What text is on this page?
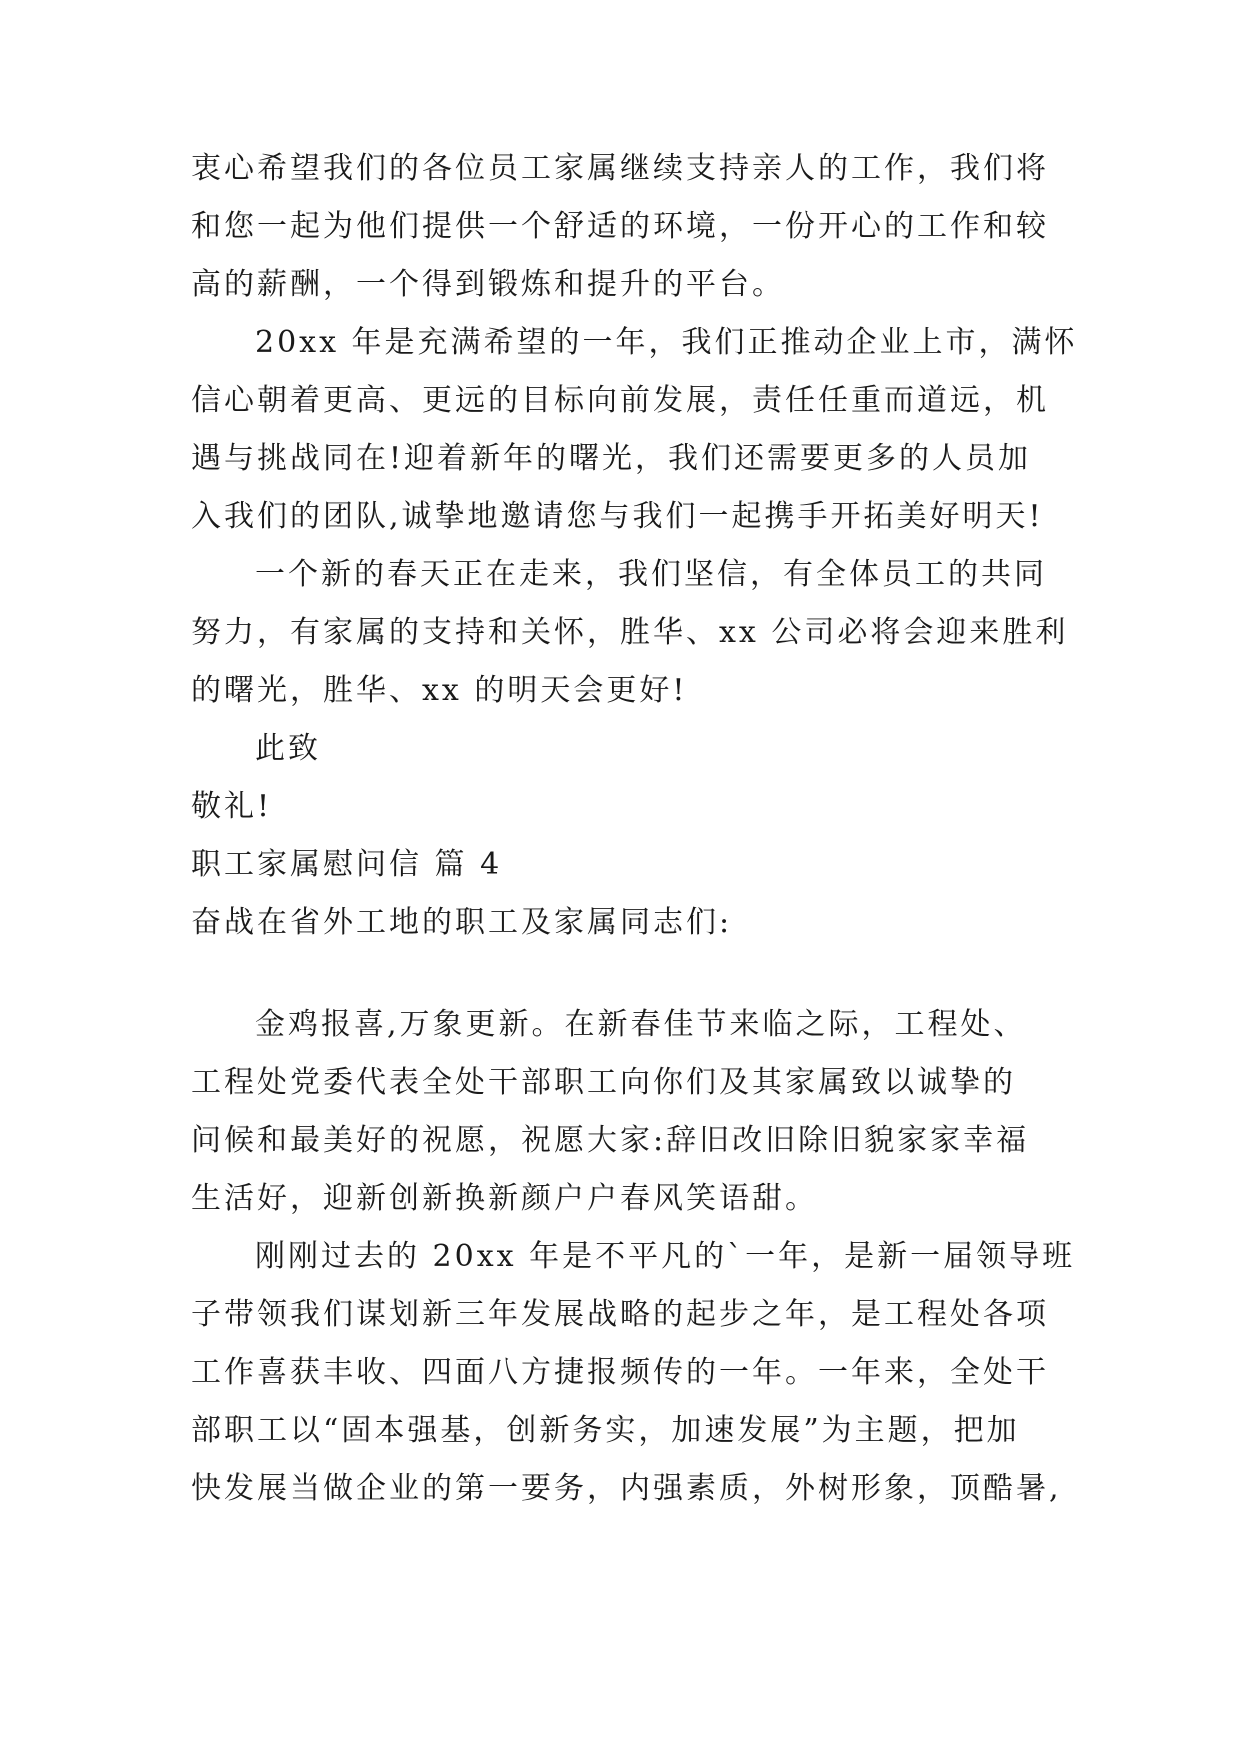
衷心希望我们的各位员工家属继续支持亲人的工作，我们将
和您一起为他们提供一个舒适的环境，一份开心的工作和较
高的薪酬，一个得到锻炼和提升的平台。
20xx 年是充满希望的一年，我们正推动企业上市，满怀
信心朝着更高、更远的目标向前发展，责任任重而道远，机
遇与挑战同在!迎着新年的曙光，我们还需要更多的人员加
入我们的团队,诚挚地邀请您与我们一起携手开拓美好明天!
一个新的春天正在走来，我们坚信，有全体员工的共同
努力，有家属的支持和关怀，胜华、xx 公司必将会迎来胜利
的曙光，胜华、xx 的明天会更好!
此致
敬礼!
职工家属慰问信 篇 4
奋战在省外工地的职工及家属同志们:
金鸡报喜,万象更新。在新春佳节来临之际，工程处、
工程处党委代表全处干部职工向你们及其家属致以诚挚的
问候和最美好的祝愿，祝愿大家:辞旧改旧除旧貌家家幸福
生活好，迎新创新换新颜户户春风笑语甜。
刚刚过去的 20xx 年是不平凡的`一年，是新一届领导班
子带领我们谋划新三年发展战略的起步之年，是工程处各项
工作喜获丰收、四面八方捷报频传的一年。一年来，全处干
部职工以“固本强基，创新务实，加速发展”为主题，把加
快发展当做企业的第一要务，内强素质，外树形象，顶酷暑,
